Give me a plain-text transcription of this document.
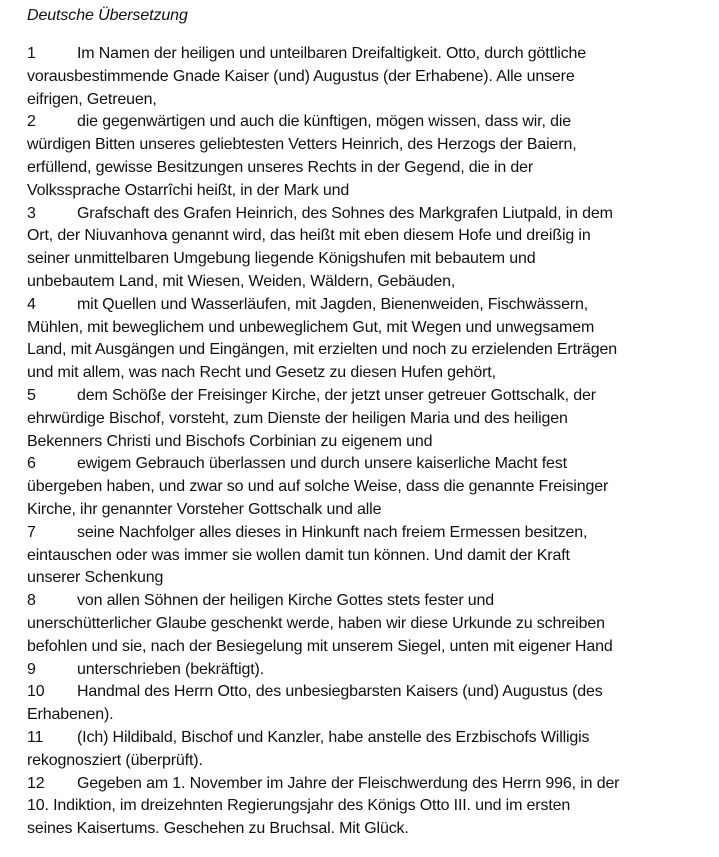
Deutsche Übersetzung
1	Im Namen der heiligen und unteilbaren Dreifaltigkeit. Otto, durch göttliche
vorausbestimmende Gnade Kaiser (und) Augustus (der Erhabene). Alle unsere
eifrigen, Getreuen,
2	die gegenwärtigen und auch die künftigen, mögen wissen, dass wir, die
würdigen Bitten unseres geliebtesten Vetters Heinrich, des Herzogs der Baiern,
erfüllend, gewisse Besitzungen unseres Rechts in der Gegend, die in der
Volkssprache Ostarrîchi heißt, in der Mark und
3	Grafschaft des Grafen Heinrich, des Sohnes des Markgrafen Liutpald, in dem
Ort, der Niuvanhova genannt wird, das heißt mit eben diesem Hofe und dreißig in
seiner unmittelbaren Umgebung liegende Königshufen mit bebautem und
unbebautem Land, mit Wiesen, Weiden, Wäldern, Gebäuden,
4	mit Quellen und Wasserläufen, mit Jagden, Bienenweiden, Fischwässern,
Mühlen, mit beweglichem und unbeweglichem Gut, mit Wegen und unwegsamem
Land, mit Ausgängen und Eingängen, mit erzielten und noch zu erzielenden Erträgen
und mit allem, was nach Recht und Gesetz zu diesen Hufen gehört,
5	dem Schöße der Freisinger Kirche, der jetzt unser getreuer Gottschalk, der
ehrwürdige Bischof, vorsteht, zum Dienste der heiligen Maria und des heiligen
Bekenners Christi und Bischofs Corbinian zu eigenem und
6	ewigem Gebrauch überlassen und durch unsere kaiserliche Macht fest
übergeben haben, und zwar so und auf solche Weise, dass die genannte Freisinger
Kirche, ihr genannter Vorsteher Gottschalk und alle
7	seine Nachfolger alles dieses in Hinkunft nach freiem Ermessen besitzen,
eintauschen oder was immer sie wollen damit tun können. Und damit der Kraft
unserer Schenkung
8	von allen Söhnen der heiligen Kirche Gottes stets fester und
unerschütterlicher Glaube geschenkt werde, haben wir diese Urkunde zu schreiben
befohlen und sie, nach der Besiegelung mit unserem Siegel, unten mit eigener Hand
9	unterschrieben (bekräftigt).
10 Handmal des Herrn Otto, des unbesiegbarsten Kaisers (und) Augustus (des
Erhabenen).
11 (Ich) Hildibald, Bischof und Kanzler, habe anstelle des Erzbischofs Willigis
rekognosziert (überprüft).
12 Gegeben am 1. November im Jahre der Fleischwerdung des Herrn 996, in der
10. Indiktion, im dreizehnten Regierungsjahr des Königs Otto III. und im ersten
seines Kaisertums. Geschehen zu Bruchsal. Mit Glück.
